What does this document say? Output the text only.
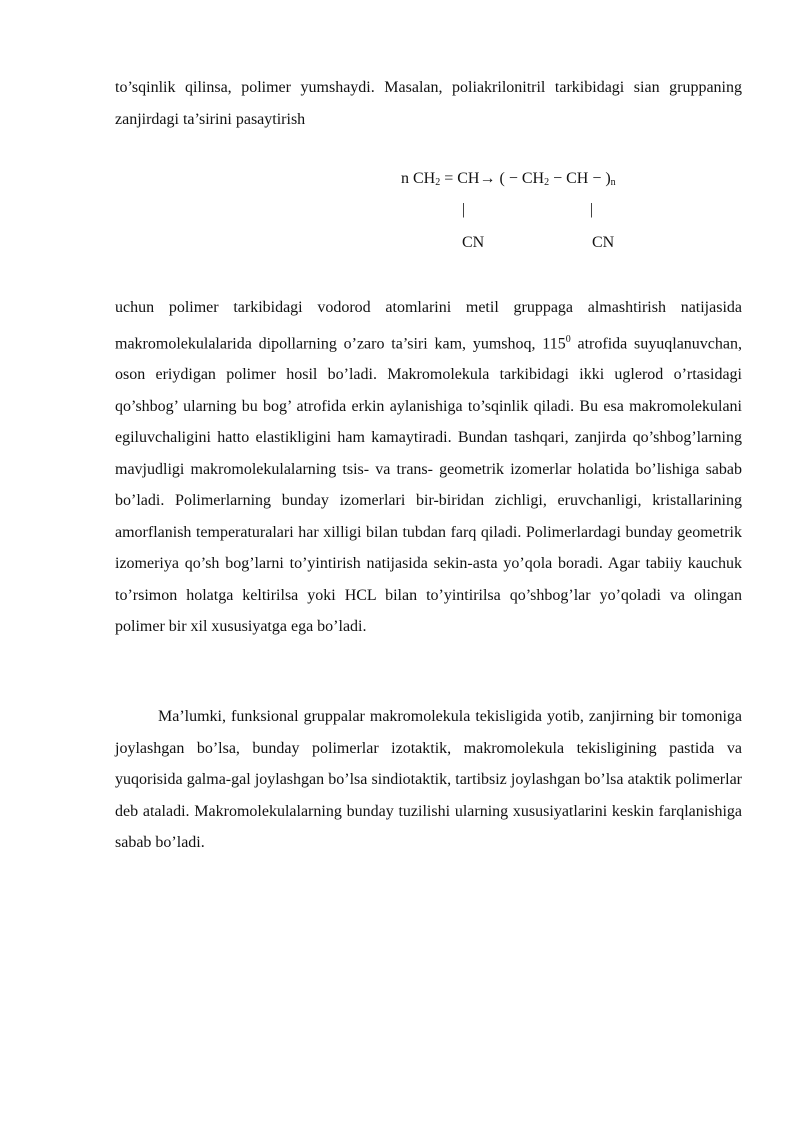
to’sqinlik qilinsa, polimer yumshaydi. Masalan, poliakrilonitril tarkibidagi sian gruppaning zanjirdagi ta’sirini pasaytirish

n $CH_2 = CH\to$ ( − $CH_2$ − CH − )$_n$
|	|
CN	CN

uchun polimer tarkibidagi vodorod atomlarini metil gruppaga almashtirish natijasida makromolekulalarida dipollarning o’zaro ta’siri kam, yumshoq, $115^0$ atrofida suyuqlanuvchan, oson eriydigan polimer hosil bo’ladi. Makromolekula tarkibidagi ikki uglerod o’rtasidagi qo’shbog’ ularning bu bog’ atrofida erkin aylanishiga to’sqinlik qiladi. Bu esa makromolekulani egiluvchaligini hatto elastikligini ham kamaytiradi. Bundan tashqari, zanjirda qo’shbog’larning mavjudligi makromolekulalarning tsis- va trans- geometrik izomerlar holatida bo’lishiga sabab bo’ladi. Polimerlarning bunday izomerlari bir-biridan zichligi, eruvchanligi, kristallarining amorflanish temperaturalari har xilligi bilan tubdan farq qiladi. Polimerlardagi bunday geometrik izomeriya qo’sh bog’larni to’yintirish natijasida sekin-asta yo’qola boradi. Agar tabiiy kauchuk to’rsimon holatga keltirilsa yoki HCL bilan to’yintirilsa qo’shbog’lar yo’qoladi va olingan polimer bir xil xususiyatga ega bo’ladi.

Ma’lumki, funksional gruppalar makromolekula tekisligida yotib, zanjirning bir tomoniga joylashgan bo’lsa, bunday polimerlar izotaktik, makromolekula tekisligining pastida va yuqorisida galma-gal joylashgan bo’lsa sindiotaktik, tartibsiz joylashgan bo’lsa ataktik polimerlar deb ataladi. Makromolekulalarning bunday tuzilishi ularning xususiyatlarini keskin farqlanishiga sabab bo’ladi.
